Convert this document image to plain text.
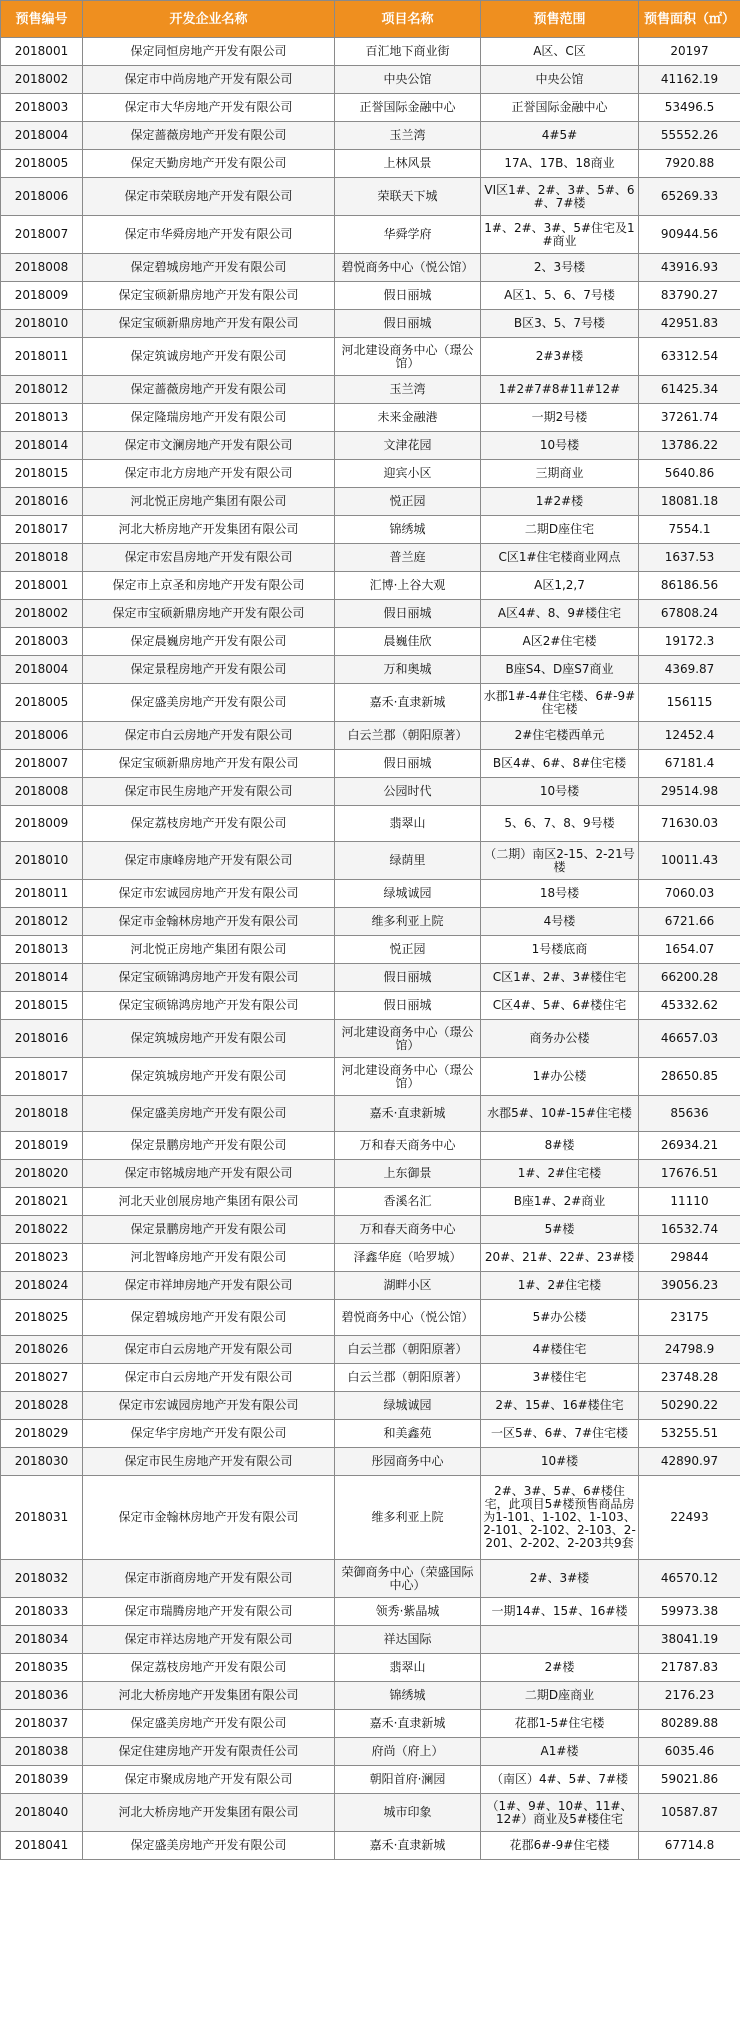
预售编号	开发企业名称	项目名称	预售范围	预售面积（㎡）
2018001	保定同恒房地产开发有限公司	百汇地下商业街	A区、C区	20197
2018002	保定市中尚房地产开发有限公司	中央公馆	中央公馆	41162.19
2018003	保定市大华房地产开发有限公司	正誉国际金融中心	正誉国际金融中心	53496.5
2018004	保定蔷薇房地产开发有限公司	玉兰湾	4#5#	55552.26
2018005	保定天勤房地产开发有限公司	上林风景	17A、17B、18商业	7920.88
2018006	保定市荣联房地产开发有限公司	荣联天下城	VI区1#、2#、3#、5#、6#、7#楼	65269.33
2018007	保定市华舜房地产开发有限公司	华舜学府	1#、2#、3#、5#住宅及1#商业	90944.56
2018008	保定碧城房地产开发有限公司	碧悦商务中心（悦公馆）	2、3号楼	43916.93
2018009	保定宝硕新鼎房地产开发有限公司	假日丽城	A区1、5、6、7号楼	83790.27
2018010	保定宝硕新鼎房地产开发有限公司	假日丽城	B区3、5、7号楼	42951.83
2018011	保定筑诚房地产开发有限公司	河北建设商务中心（璟公馆）	2#3#楼	63312.54
2018012	保定蔷薇房地产开发有限公司	玉兰湾	1#2#7#8#11#12#	61425.34
2018013	保定隆瑞房地产开发有限公司	未来金融港	一期2号楼	37261.74
2018014	保定市文澜房地产开发有限公司	文津花园	10号楼	13786.22
2018015	保定市北方房地产开发有限公司	迎宾小区	三期商业	5640.86
2018016	河北悦正房地产集团有限公司	悦正园	1#2#楼	18081.18
2018017	河北大桥房地产开发集团有限公司	锦绣城	二期D座住宅	7554.1
2018018	保定市宏昌房地产开发有限公司	普兰庭	C区1#住宅楼商业网点	1637.53
2018001	保定市上京圣和房地产开发有限公司	汇博·上谷大观	A区1,2,7	86186.56
2018002	保定市宝硕新鼎房地产开发有限公司	假日丽城	A区4#、8、9#楼住宅	67808.24
2018003	保定晨巍房地产开发有限公司	晨巍佳欣	A区2#住宅楼	19172.3
2018004	保定景程房地产开发有限公司	万和奥城	B座S4、D座S7商业	4369.87
2018005	保定盛美房地产开发有限公司	嘉禾·直隶新城	水郡1#-4#住宅楼、6#-9#住宅楼	156115
2018006	保定市白云房地产开发有限公司	白云兰郡（朝阳原著）	2#住宅楼西单元	12452.4
2018007	保定宝硕新鼎房地产开发有限公司	假日丽城	B区4#、6#、8#住宅楼	67181.4
2018008	保定市民生房地产开发有限公司	公园时代	10号楼	29514.98
2018009	保定荔枝房地产开发有限公司	翡翠山	5、6、7、8、9号楼	71630.03
2018010	保定市康峰房地产开发有限公司	绿荫里	（二期）南区2-15、2-21号楼	10011.43
2018011	保定市宏诚园房地产开发有限公司	绿城诚园	18号楼	7060.03
2018012	保定市金翰林房地产开发有限公司	维多利亚上院	4号楼	6721.66
2018013	河北悦正房地产集团有限公司	悦正园	1号楼底商	1654.07
2018014	保定宝硕锦鸿房地产开发有限公司	假日丽城	C区1#、2#、3#楼住宅	66200.28
2018015	保定宝硕锦鸿房地产开发有限公司	假日丽城	C区4#、5#、6#楼住宅	45332.62
2018016	保定筑城房地产开发有限公司	河北建设商务中心（璟公馆）	商务办公楼	46657.03
2018017	保定筑城房地产开发有限公司	河北建设商务中心（璟公馆）	1#办公楼	28650.85
2018018	保定盛美房地产开发有限公司	嘉禾·直隶新城	水郡5#、10#-15#住宅楼	85636
2018019	保定景鹏房地产开发有限公司	万和春天商务中心	8#楼	26934.21
2018020	保定市铭城房地产开发有限公司	上东御景	1#、2#住宅楼	17676.51
2018021	河北天业创展房地产集团有限公司	香溪名汇	B座1#、2#商业	11110
2018022	保定景鹏房地产开发有限公司	万和春天商务中心	5#楼	16532.74
2018023	河北智峰房地产开发有限公司	泽鑫华庭（哈罗城）	20#、21#、22#、23#楼	29844
2018024	保定市祥坤房地产开发有限公司	湖畔小区	1#、2#住宅楼	39056.23
2018025	保定碧城房地产开发有限公司	碧悦商务中心（悦公馆）	5#办公楼	23175
2018026	保定市白云房地产开发有限公司	白云兰郡（朝阳原著）	4#楼住宅	24798.9
2018027	保定市白云房地产开发有限公司	白云兰郡（朝阳原著）	3#楼住宅	23748.28
2018028	保定市宏诚园房地产开发有限公司	绿城诚园	2#、15#、16#楼住宅	50290.22
2018029	保定华宇房地产开发有限公司	和美鑫苑	一区5#、6#、7#住宅楼	53255.51
2018030	保定市民生房地产开发有限公司	彤园商务中心	10#楼	42890.97
2018031	保定市金翰林房地产开发有限公司	维多利亚上院	2#、3#、5#、6#楼住宅，此项目5#楼预售商品房为1-101、1-102、1-103、2-101、2-102、2-103、2-201、2-202、2-203共9套	22493
2018032	保定市浙商房地产开发有限公司	荣御商务中心（荣盛国际中心）	2#、3#楼	46570.12
2018033	保定市瑞腾房地产开发有限公司	领秀·紫晶城	一期14#、15#、16#楼	59973.38
2018034	保定市祥达房地产开发有限公司	祥达国际		38041.19
2018035	保定荔枝房地产开发有限公司	翡翠山	2#楼	21787.83
2018036	河北大桥房地产开发集团有限公司	锦绣城	二期D座商业	2176.23
2018037	保定盛美房地产开发有限公司	嘉禾·直隶新城	花郡1-5#住宅楼	80289.88
2018038	保定住建房地产开发有限责任公司	府尚（府上）	A1#楼	6035.46
2018039	保定市聚成房地产开发有限公司	朝阳首府·澜园	（南区）4#、5#、7#楼	59021.86
2018040	河北大桥房地产开发集团有限公司	城市印象	（1#、9#、10#、11#、12#）商业及5#楼住宅	10587.87
2018041	保定盛美房地产开发有限公司	嘉禾·直隶新城	花郡6#-9#住宅楼	67714.8
